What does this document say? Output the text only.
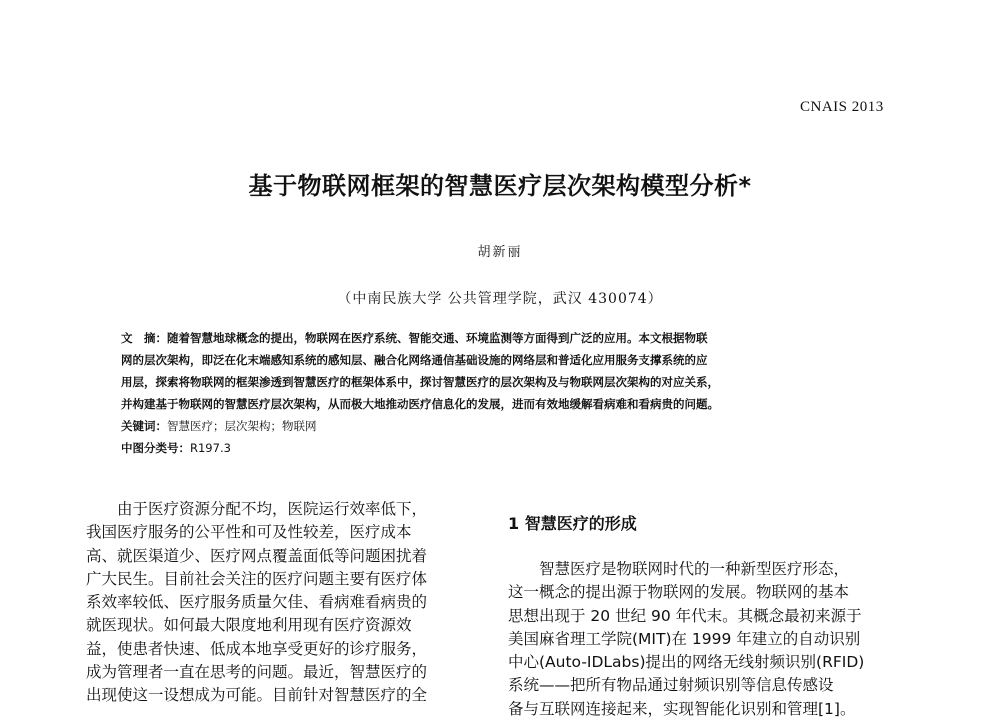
CNAIS 2013
基于物联网框架的智慧医疗层次架构模型分析*
胡新丽
（中南民族大学 公共管理学院，武汉 430074）
文　摘：随着智慧地球概念的提出，物联网在医疗系统、智能交通、环境监测等方面得到广泛的应用。本文根据物联
网的层次架构，即泛在化末端感知系统的感知层、融合化网络通信基础设施的网络层和普适化应用服务支撑系统的应
用层，探索将物联网的框架渗透到智慧医疗的框架体系中，探讨智慧医疗的层次架构及与物联网层次架构的对应关系，
并构建基于物联网的智慧医疗层次架构，从而极大地推动医疗信息化的发展，进而有效地缓解看病难和看病贵的问题。
关键词：智慧医疗；层次架构；物联网
中图分类号：R197.3
　　由于医疗资源分配不均，医院运行效率低下，
我国医疗服务的公平性和可及性较差，医疗成本
高、就医渠道少、医疗网点覆盖面低等问题困扰着
广大民生。目前社会关注的医疗问题主要有医疗体
系效率较低、医疗服务质量欠佳、看病难看病贵的
就医现状。如何最大限度地利用现有医疗资源效
益，使患者快速、低成本地享受更好的诊疗服务，
成为管理者一直在思考的问题。最近，智慧医疗的
出现使这一设想成为可能。目前针对智慧医疗的全
1 智慧医疗的形成
　　智慧医疗是物联网时代的一种新型医疗形态，
这一概念的提出源于物联网的发展。物联网的基本
思想出现于 20 世纪 90 年代末。其概念最初来源于
美国麻省理工学院(MIT)在 1999 年建立的自动识别
中心(Auto-IDLabs)提出的网络无线射频识别(RFID)
系统——把所有物品通过射频识别等信息传感设
备与互联网连接起来，实现智能化识别和管理[1]。
